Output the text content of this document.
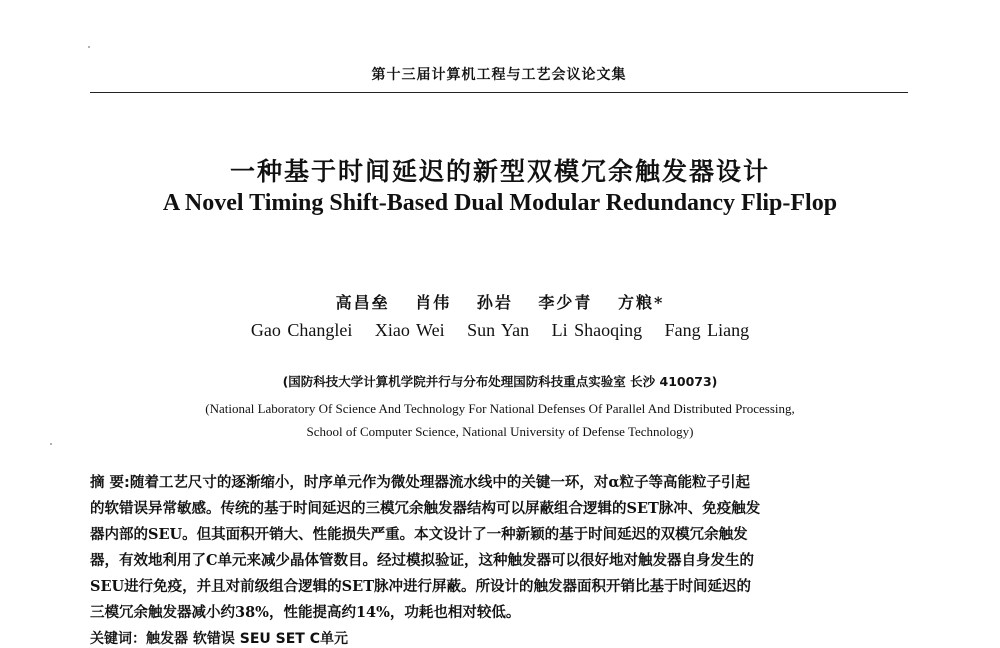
第十三届计算机工程与工艺会议论文集
一种基于时间延迟的新型双模冗余触发器设计
A Novel Timing Shift-Based Dual Modular Redundancy Flip-Flop
高昌垒 肖伟 孙岩 李少青 方粮*
Gao Changlei Xiao Wei Sun Yan Li Shaoqing Fang Liang
(国防科技大学计算机学院并行与分布处理国防科技重点实验室 长沙 410073)
(National Laboratory Of Science And Technology For National Defenses Of Parallel And Distributed Processing,
School of Computer Science, National University of Defense Technology)
摘 要:随着工艺尺寸的逐渐缩小，时序单元作为微处理器流水线中的关键一环，对α粒子等高能粒子引起
的软错误异常敏感。传统的基于时间延迟的三模冗余触发器结构可以屏蔽组合逻辑的SET脉冲、免疫触发
器内部的SEU。但其面积开销大、性能损失严重。本文设计了一种新颖的基于时间延迟的双模冗余触发
器，有效地利用了C单元来减少晶体管数目。经过模拟验证，这种触发器可以很好地对触发器自身发生的
SEU进行免疫，并且对前级组合逻辑的SET脉冲进行屏蔽。所设计的触发器面积开销比基于时间延迟的
三模冗余触发器减小约38%，性能提高约14%，功耗也相对较低。
关键词：触发器 软错误 SEU SET C单元
